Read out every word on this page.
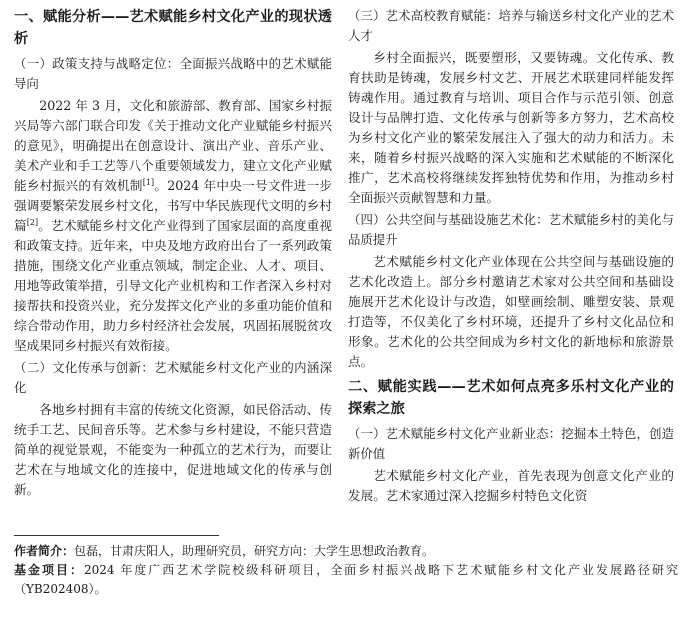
一、赋能分析——艺术赋能乡村文化产业的现状透析
（一）政策支持与战略定位：全面振兴战略中的艺术赋能导向
2022 年 3 月，文化和旅游部、教育部、国家乡村振兴局等六部门联合印发《关于推动文化产业赋能乡村振兴的意见》，明确提出在创意设计、演出产业、音乐产业、美术产业和手工艺等八个重要领域发力，建立文化产业赋能乡村振兴的有效机制[1]。2024 年中央一号文件进一步强调要繁荣发展乡村文化，书写中华民族现代文明的乡村篇[2]。艺术赋能乡村文化产业得到了国家层面的高度重视和政策支持。近年来，中央及地方政府出台了一系列政策措施，围绕文化产业重点领域，制定企业、人才、项目、用地等政策举措，引导文化产业机构和工作者深入乡村对接帮扶和投资兴业，充分发挥文化产业的多重功能价值和综合带动作用，助力乡村经济社会发展，巩固拓展脱贫攻坚成果同乡村振兴有效衔接。
（二）文化传承与创新：艺术赋能乡村文化产业的内涵深化
各地乡村拥有丰富的传统文化资源，如民俗活动、传统手工艺、民间音乐等。艺术参与乡村建设，不能只营造简单的视觉景观，不能变为一种孤立的艺术行为，而要让艺术在与地域文化的连接中，促进地域文化的传承与创新。
（三）艺术高校教育赋能：培养与输送乡村文化产业的艺术人才
乡村全面振兴，既要塑形，又要铸魂。文化传承、教育扶助是铸魂，发展乡村文艺、开展艺术联建同样能发挥铸魂作用。通过教育与培训、项目合作与示范引领、创意设计与品牌打造、文化传承与创新等多方努力，艺术高校为乡村文化产业的繁荣发展注入了强大的动力和活力。未来，随着乡村振兴战略的深入实施和艺术赋能的不断深化推广，艺术高校将继续发挥独特优势和作用，为推动乡村全面振兴贡献智慧和力量。
（四）公共空间与基础设施艺术化：艺术赋能乡村的美化与品质提升
艺术赋能乡村文化产业体现在公共空间与基础设施的艺术化改造上。部分乡村邀请艺术家对公共空间和基础设施展开艺术化设计与改造，如壁画绘制、雕塑安装、景观打造等，不仅美化了乡村环境，还提升了乡村文化品位和形象。艺术化的公共空间成为乡村文化的新地标和旅游景点。
二、赋能实践——艺术如何点亮多乐村文化产业的探索之旅
（一）艺术赋能乡村文化产业新业态：挖掘本土特色，创造新价值
艺术赋能乡村文化产业，首先表现为创意文化产业的发展。艺术家通过深入挖掘乡村特色文化资

作者简介：包磊，甘肃庆阳人，助理研究员，研究方向：大学生思想政治教育。

基金项目：2024 年度广西艺术学院校级科研项目，全面乡村振兴战略下艺术赋能乡村文化产业发展路径研究（YB202408）。
